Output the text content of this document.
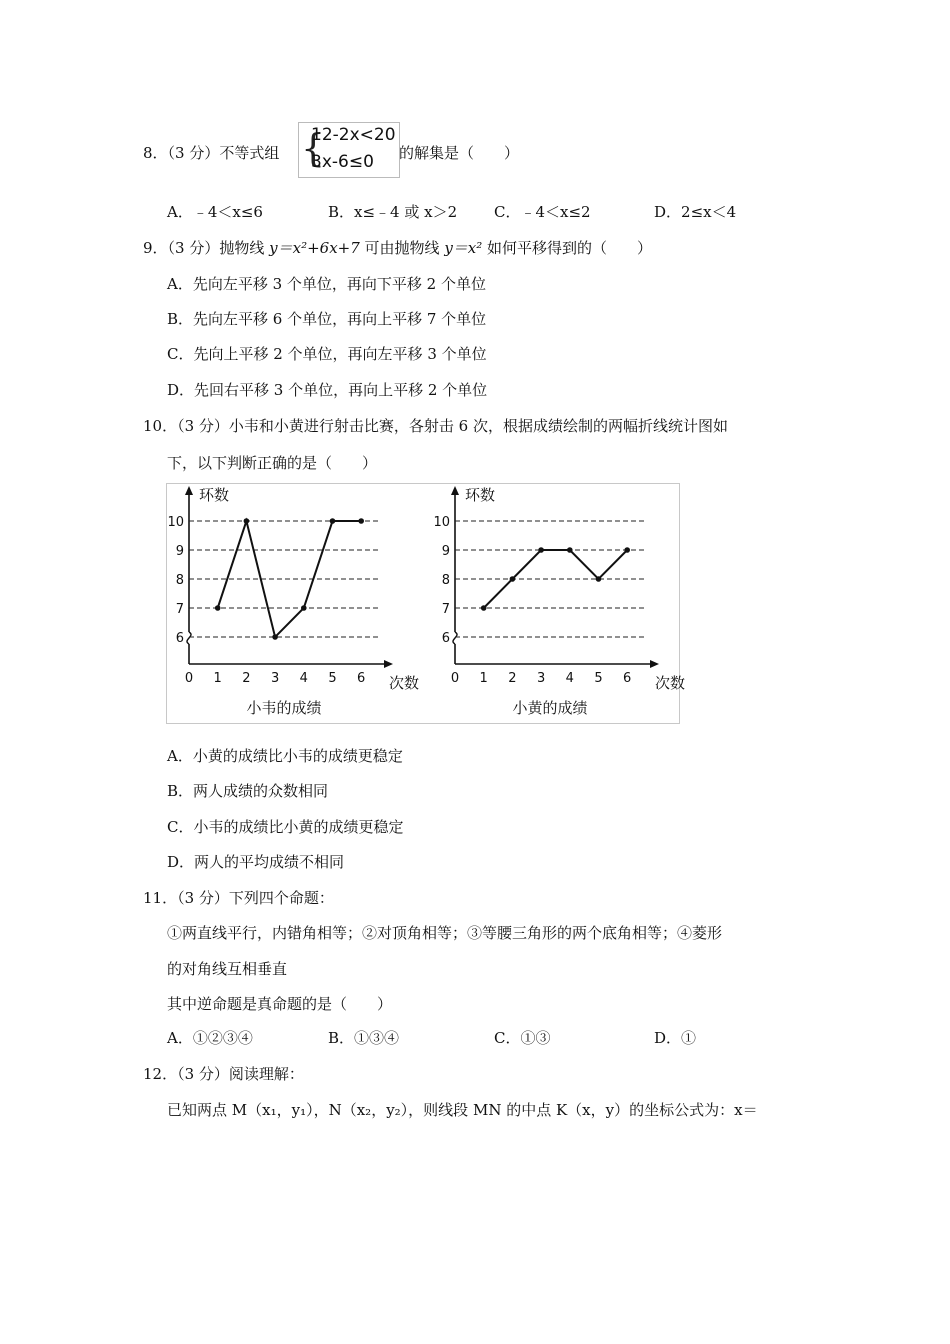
8．（3 分）不等式组 {
12-2x<20
3x-6≤0 的解集是（　　）
A．﹣4＜x≤6	B．x≤﹣4 或 x＞2 C．﹣4＜x≤2	D．2≤x＜4
9．（3 分）抛物线 y＝x²+6x+7 可由抛物线 y＝x² 如何平移得到的（　　）
A．先向左平移 3 个单位，再向下平移 2 个单位
B．先向左平移 6 个单位，再向上平移 7 个单位
C．先向上平移 2 个单位，再向左平移 3 个单位
D．先回右平移 3 个单位，再向上平移 2 个单位
10．（3 分）小韦和小黄进行射击比赛，各射击 6 次，根据成绩绘制的两幅折线统计图如
下，以下判断正确的是（　　）
6
7
8
9
10
0 1 2 3 4 5 6
环数
次数
小韦的成绩
6
7
8
9
10
0 1 2 3 4 5 6
环数
次数
小黄的成绩
A．小黄的成绩比小韦的成绩更稳定
B．两人成绩的众数相同
C．小韦的成绩比小黄的成绩更稳定
D．两人的平均成绩不相同
11．（3 分）下列四个命题：
①两直线平行，内错角相等；②对顶角相等；③等腰三角形的两个底角相等；④菱形
的对角线互相垂直
其中逆命题是真命题的是（　　）
A．①②③④	B．①③④	C．①③	D．①
12．（3 分）阅读理解：
已知两点 M（x₁，y₁），N（x₂，y₂），则线段 MN 的中点 K（x，y）的坐标公式为：x＝
